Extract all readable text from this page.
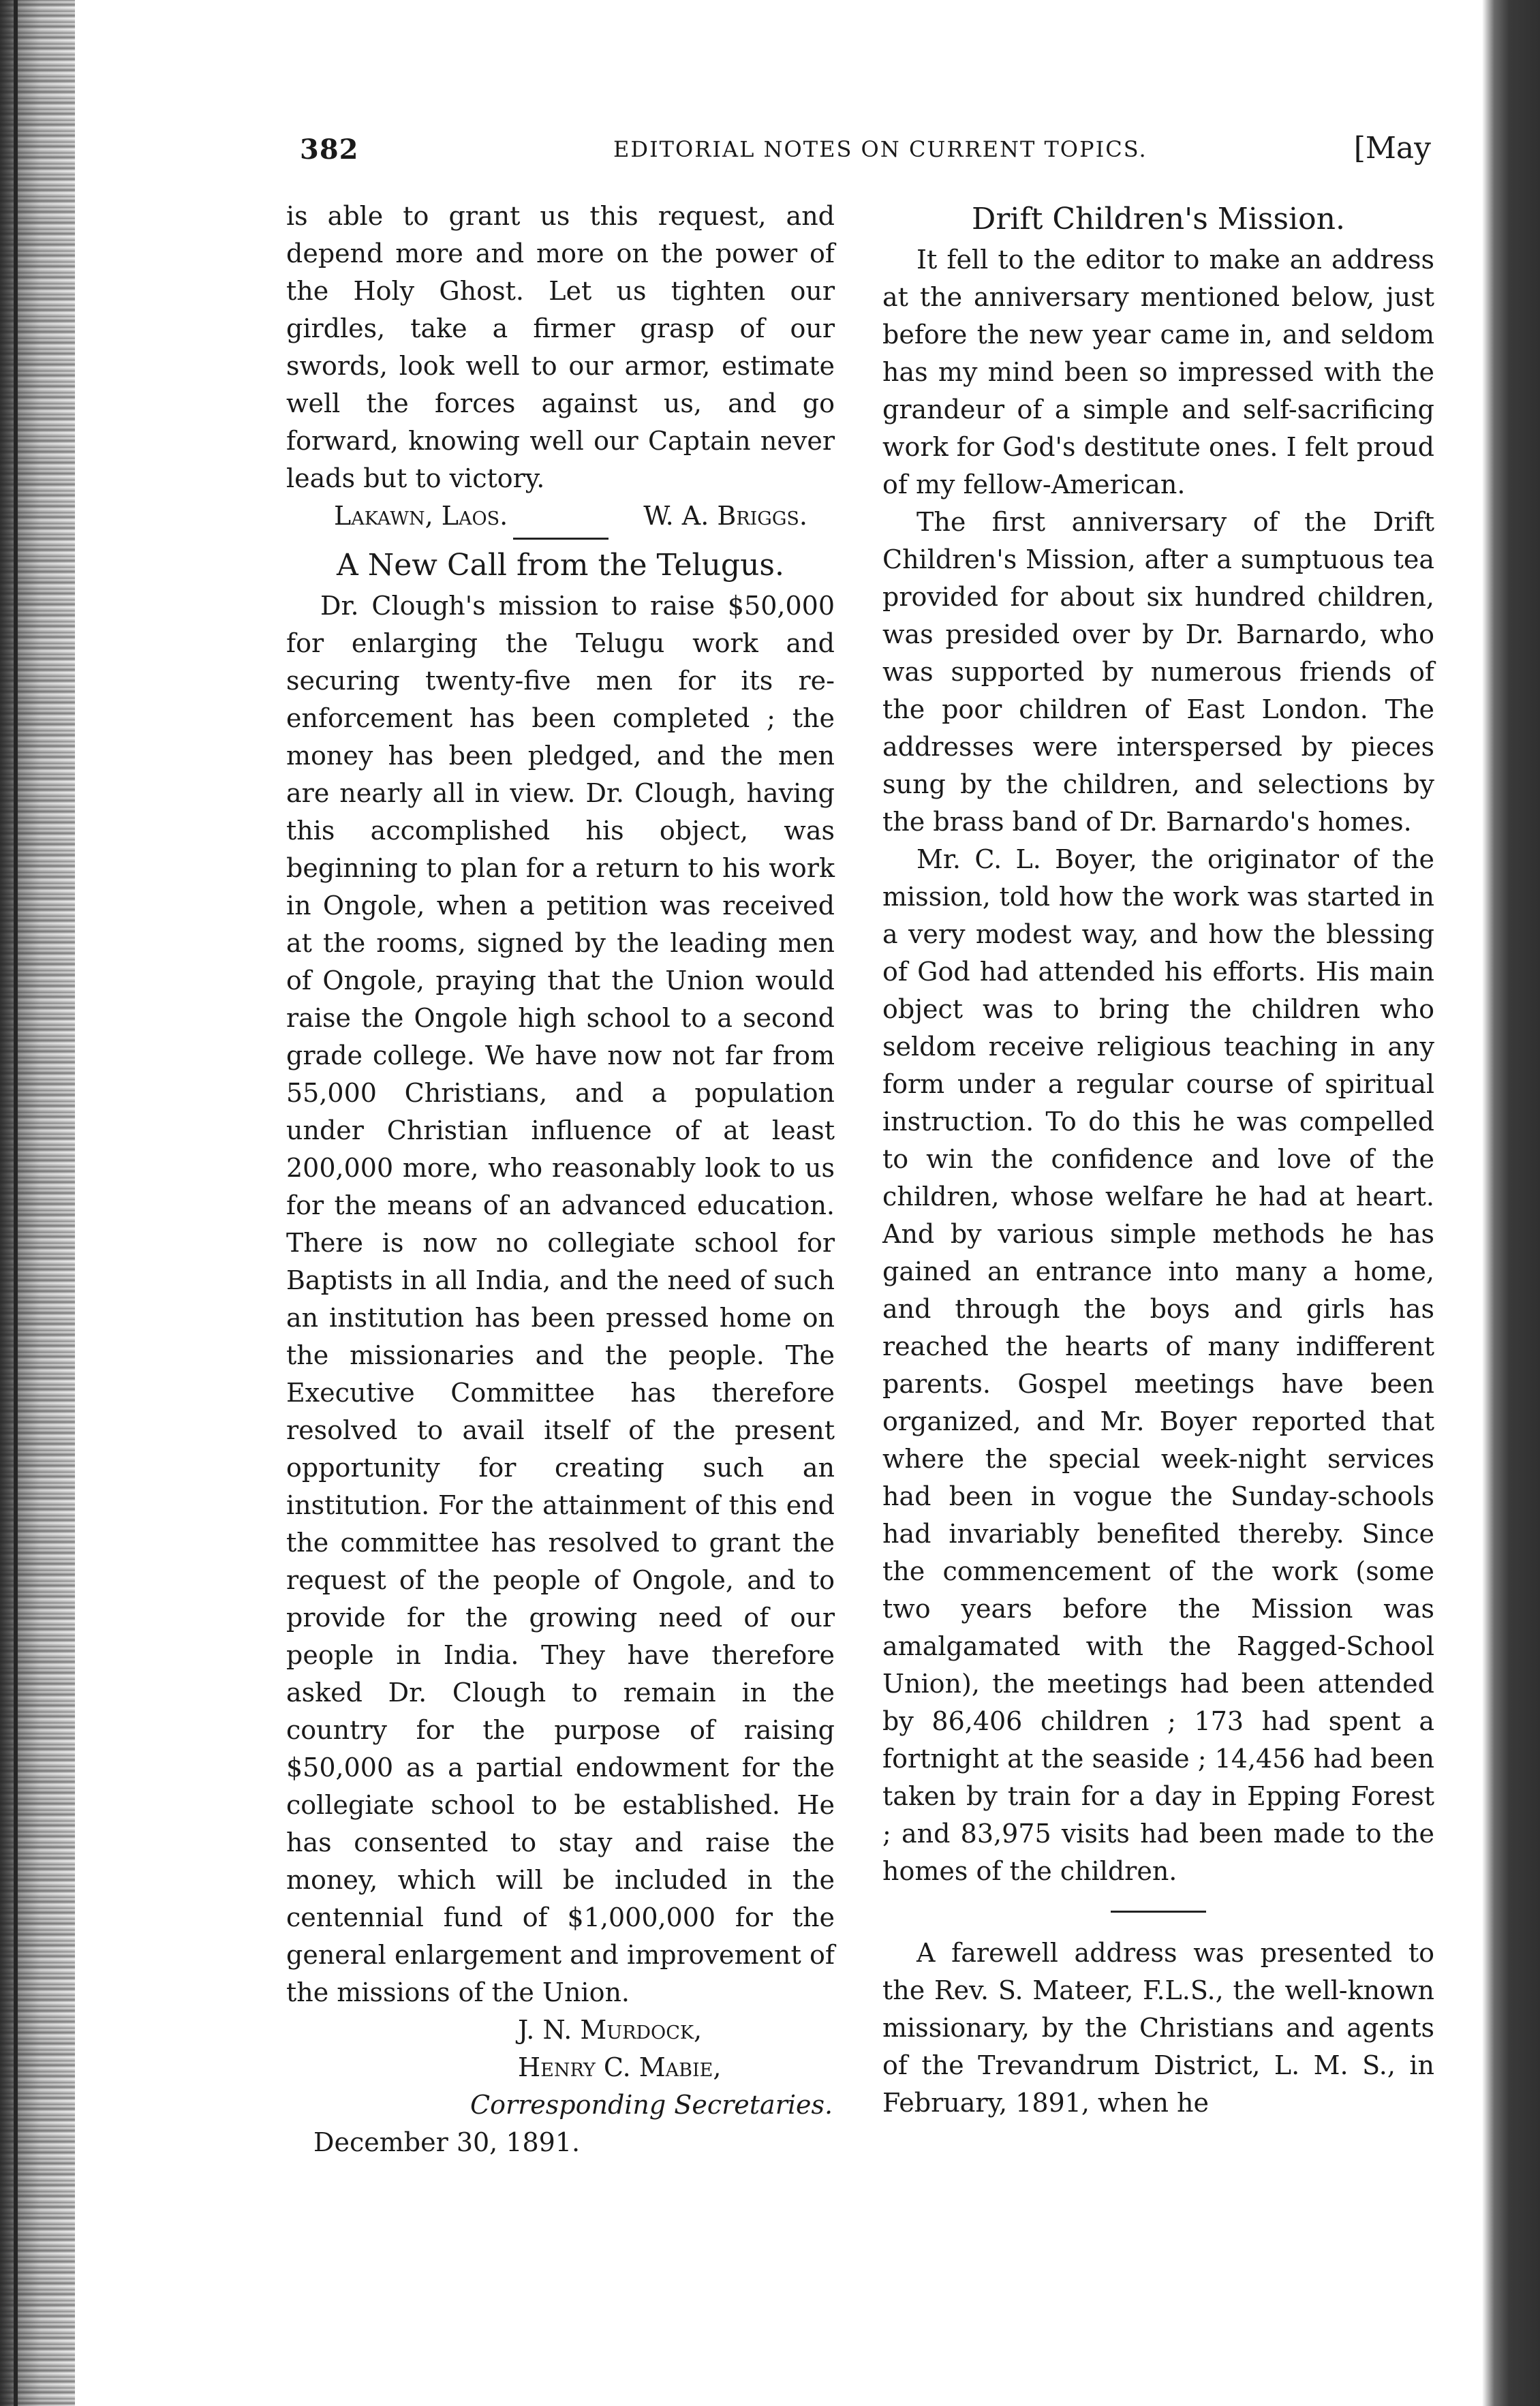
382	EDITORIAL NOTES ON CURRENT TOPICS.	[May

is able to grant us this request, and depend more and more on the power of the Holy Ghost. Let us tighten our girdles, take a firmer grasp of our swords, look well to our armor, estimate well the forces against us, and go forward, knowing well our Captain never leads but to victory.

Lakawn, Laos.	W. A. Briggs.
A New Call from the Telugus.

Dr. Clough's mission to raise $50,000 for enlarging the Telugu work and securing twenty-five men for its re-enforcement has been completed ; the money has been pledged, and the men are nearly all in view. Dr. Clough, having this accomplished his object, was beginning to plan for a return to his work in Ongole, when a petition was received at the rooms, signed by the leading men of Ongole, praying that the Union would raise the Ongole high school to a second grade college. We have now not far from 55,000 Christians, and a population under Christian influence of at least 200,000 more, who reasonably look to us for the means of an advanced education. There is now no collegiate school for Baptists in all India, and the need of such an institution has been pressed home on the missionaries and the people. The Executive Committee has therefore resolved to avail itself of the present opportunity for creating such an institution. For the attainment of this end the committee has resolved to grant the request of the people of Ongole, and to provide for the growing need of our people in India. They have therefore asked Dr. Clough to remain in the country for the purpose of raising $50,000 as a partial endowment for the collegiate school to be established. He has consented to stay and raise the money, which will be included in the centennial fund of $1,000,000 for the general enlargement and improvement of the missions of the Union.

J. N. Murdock,
Henry C. Mabie,
Corresponding Secretaries.
December 30, 1891.
Drift Children's Mission.

It fell to the editor to make an address at the anniversary mentioned below, just before the new year came in, and seldom has my mind been so impressed with the grandeur of a simple and self-sacrificing work for God's destitute ones. I felt proud of my fellow-American.

The first anniversary of the Drift Children's Mission, after a sumptuous tea provided for about six hundred children, was presided over by Dr. Barnardo, who was supported by numerous friends of the poor children of East London. The addresses were interspersed by pieces sung by the children, and selections by the brass band of Dr. Barnardo's homes.

Mr. C. L. Boyer, the originator of the mission, told how the work was started in a very modest way, and how the blessing of God had attended his efforts. His main object was to bring the children who seldom receive religious teaching in any form under a regular course of spiritual instruction. To do this he was compelled to win the confidence and love of the children, whose welfare he had at heart. And by various simple methods he has gained an entrance into many a home, and through the boys and girls has reached the hearts of many indifferent parents. Gospel meetings have been organized, and Mr. Boyer reported that where the special week-night services had been in vogue the Sunday-schools had invariably benefited thereby. Since the commencement of the work (some two years before the Mission was amalgamated with the Ragged-School Union), the meetings had been attended by 86,406 children ; 173 had spent a fortnight at the seaside ; 14,456 had been taken by train for a day in Epping Forest ; and 83,975 visits had been made to the homes of the children.

A farewell address was presented to the Rev. S. Mateer, F.L.S., the well-known missionary, by the Christians and agents of the Trevandrum District, L. M. S., in February, 1891, when he
